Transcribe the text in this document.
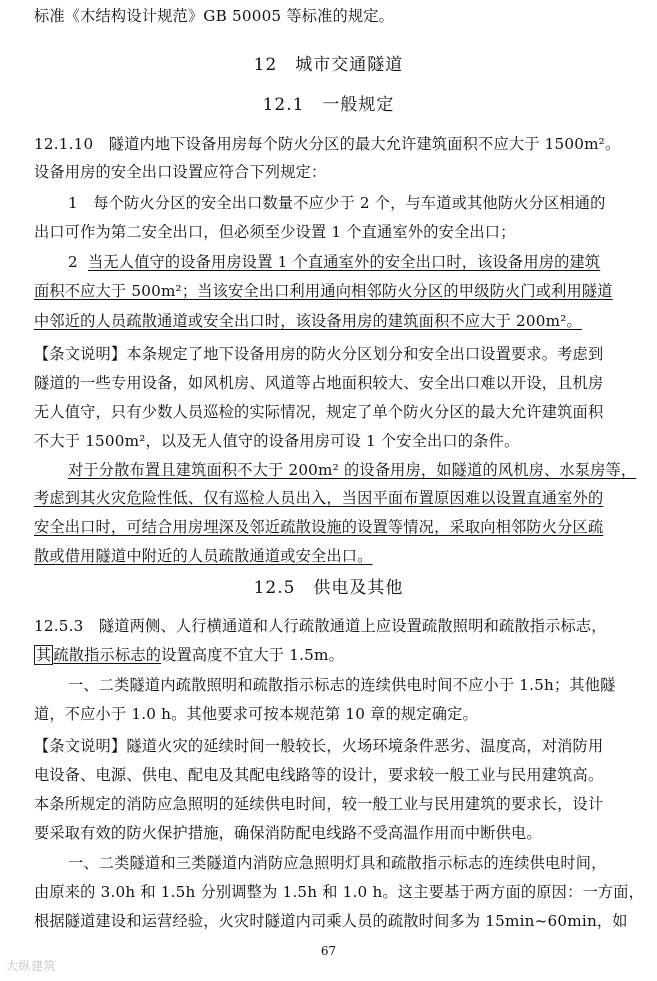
标准《木结构设计规范》GB 50005 等标准的规定。
12　城市交通隧道
12.1　一般规定
12.1.10　隧道内地下设备用房每个防火分区的最大允许建筑面积不应大于 1500m²。
设备用房的安全出口设置应符合下列规定：
1　每个防火分区的安全出口数量不应少于 2 个，与车道或其他防火分区相通的
出口可作为第二安全出口，但必须至少设置 1 个直通室外的安全出口；
2 当无人值守的设备用房设置 1 个直通室外的安全出口时，该设备用房的建筑
面积不应大于 500m²；当该安全出口利用通向相邻防火分区的甲级防火门或利用隧道
中邻近的人员疏散通道或安全出口时，该设备用房的建筑面积不应大于 200m²。
【条文说明】本条规定了地下设备用房的防火分区划分和安全出口设置要求。考虑到
隧道的一些专用设备，如风机房、风道等占地面积较大、安全出口难以开设，且机房
无人值守，只有少数人员巡检的实际情况，规定了单个防火分区的最大允许建筑面积
不大于 1500m²，以及无人值守的设备用房可设 1 个安全出口的条件。
对于分散布置且建筑面积不大于 200m² 的设备用房，如隧道的风机房、水泵房等，
考虑到其火灾危险性低、仅有巡检人员出入，当因平面布置原因难以设置直通室外的
安全出口时，可结合用房埋深及邻近疏散设施的设置等情况，采取向相邻防火分区疏
散或借用隧道中附近的人员疏散通道或安全出口。
12.5　供电及其他
12.5.3　隧道两侧、人行横通道和人行疏散通道上应设置疏散照明和疏散指示标志，
其 疏散指示标志的设置高度不宜大于 1.5m。
一、二类隧道内疏散照明和疏散指示标志的连续供电时间不应小于 1.5h；其他隧
道，不应小于 1.0 h。其他要求可按本规范第 10 章的规定确定。
【条文说明】隧道火灾的延续时间一般较长，火场环境条件恶劣、温度高，对消防用
电设备、电源、供电、配电及其配电线路等的设计，要求较一般工业与民用建筑高。
本条所规定的消防应急照明的延续供电时间，较一般工业与民用建筑的要求长，设计
要采取有效的防火保护措施，确保消防配电线路不受高温作用而中断供电。
一、二类隧道和三类隧道内消防应急照明灯具和疏散指示标志的连续供电时间，
由原来的 3.0h 和 1.5h 分别调整为 1.5h 和 1.0 h。这主要基于两方面的原因：一方面，
根据隧道建设和运营经验，火灾时隧道内司乘人员的疏散时间多为 15min~60min，如
67
大纵建筑
